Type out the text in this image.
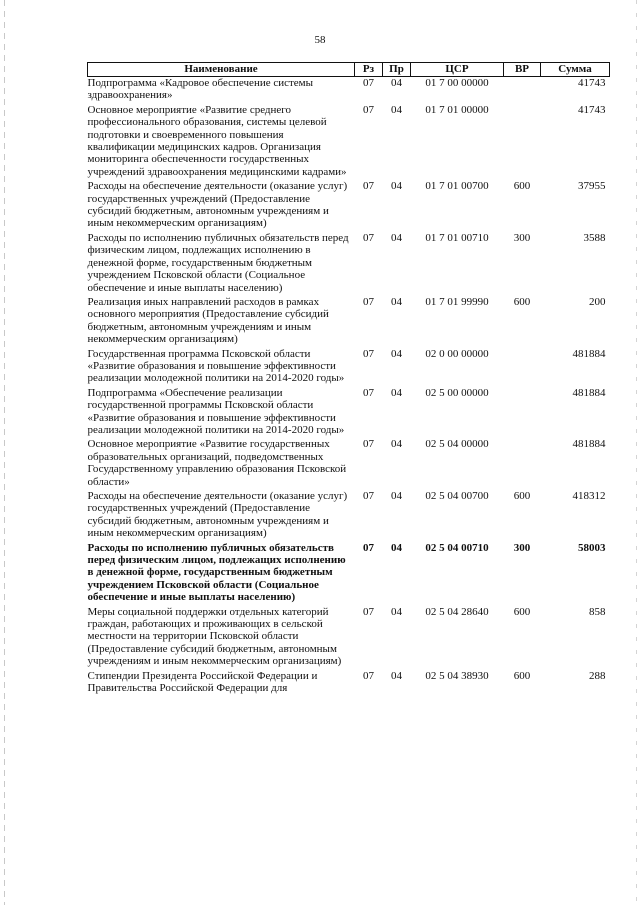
58
Наименование	Рз	Пр	ЦСР	ВР	Сумма
Подпрограмма «Кадровое обеспечение системы здравоохранения»	07	04	01 7 00 00000		41743
Основное мероприятие «Развитие среднего профессионального образования, системы целевой подготовки и своевременного повышения квалификации медицинских кадров. Организация мониторинга обеспеченности государственных учреждений здравоохранения медицинскими кадрами»	07	04	01 7 01 00000		41743
Расходы на обеспечение деятельности (оказание услуг) государственных учреждений (Предоставление субсидий бюджетным, автономным учреждениям и иным некоммерческим организациям)	07	04	01 7 01 00700	600	37955
Расходы по исполнению публичных обязательств перед физическим лицом, подлежащих исполнению в денежной форме, государственным бюджетным учреждением Псковской области (Социальное обеспечение и иные выплаты населению)	07	04	01 7 01 00710	300	3588
Реализация иных направлений расходов в рамках основного мероприятия (Предоставление субсидий бюджетным, автономным учреждениям и иным некоммерческим организациям)	07	04	01 7 01 99990	600	200
Государственная программа Псковской области «Развитие образования и повышение эффективности реализации молодежной политики на 2014-2020 годы»	07	04	02 0 00 00000		481884
Подпрограмма «Обеспечение реализации государственной программы Псковской области «Развитие образования и повышение эффективности реализации молодежной политики на 2014-2020 годы»	07	04	02 5 00 00000		481884
Основное мероприятие «Развитие государственных образовательных организаций, подведомственных Государственному управлению образования Псковской области»	07	04	02 5 04 00000		481884
Расходы на обеспечение деятельности (оказание услуг) государственных учреждений (Предоставление субсидий бюджетным, автономным учреждениям и иным некоммерческим организациям)	07	04	02 5 04 00700	600	418312
Расходы по исполнению публичных обязательств перед физическим лицом, подлежащих исполнению в денежной форме, государственным бюджетным учреждением Псковской области (Социальное обеспечение и иные выплаты населению)	07	04	02 5 04 00710	300	58003
Меры социальной поддержки отдельных категорий граждан, работающих и проживающих в сельской местности на территории Псковской области (Предоставление субсидий бюджетным, автономным учреждениям и иным некоммерческим организациям)	07	04	02 5 04 28640	600	858
Стипендии Президента Российской Федерации и Правительства Российской Федерации для	07	04	02 5 04 38930	600	288
